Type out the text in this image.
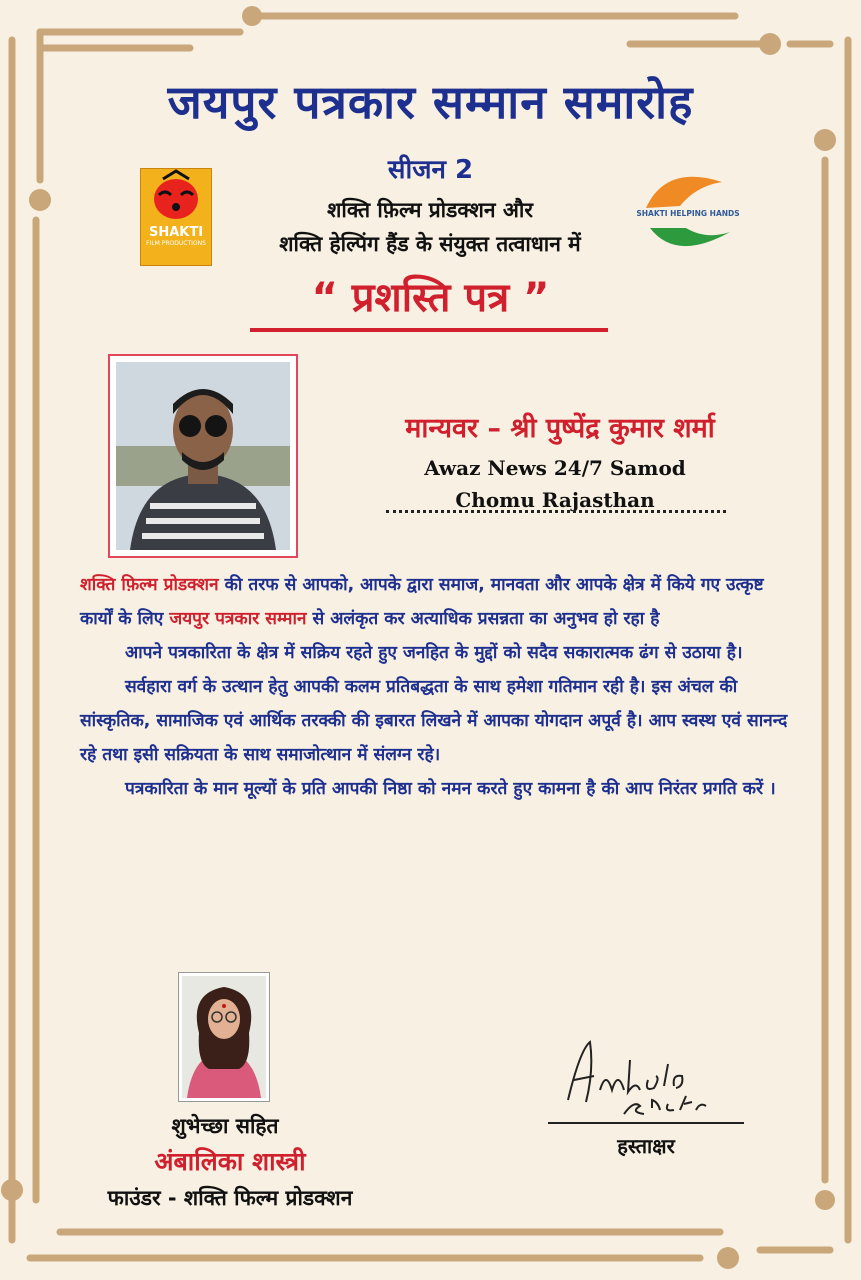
जयपुर पत्रकार सम्मान समारोह
सीजन 2
SHAKTI
FILM PRODUCTIONS
SHAKTI HELPING HANDS
शक्ति फ़िल्म प्रोडक्शन और
शक्ति हेल्पिंग हैंड के संयुक्त तत्वाधान में
“ प्रशस्ति पत्र ”
मान्यवर – श्री पुष्पेंद्र कुमार शर्मा
Awaz News 24/7 Samod
Chomu Rajasthan

शक्ति फ़िल्म प्रोडक्शन की तरफ से आपको, आपके द्वारा समाज, मानवता और आपके क्षेत्र में किये गए उत्कृष्ट कार्यों के लिए जयपुर पत्रकार सम्मान से अलंकृत कर अत्याधिक प्रसन्नता का अनुभव हो रहा है

आपने पत्रकारिता के क्षेत्र में सक्रिय रहते हुए जनहित के मुद्दों को सदैव सकारात्मक ढंग से उठाया है।

सर्वहारा वर्ग के उत्थान हेतु आपकी कलम प्रतिबद्धता के साथ हमेशा गतिमान रही है। इस अंचल की सांस्कृतिक, सामाजिक एवं आर्थिक तरक्की की इबारत लिखने में आपका योगदान अपूर्व है। आप स्वस्थ एवं सानन्द रहे तथा इसी सक्रियता के साथ समाजोत्थान में संलग्न रहे।

पत्रकारिता के मान मूल्यों के प्रति आपकी निष्ठा को नमन करते हुए कामना है की आप निरंतर प्रगति करें ।

शुभेच्छा सहित
अंबालिका शास्त्री
फाउंडर - शक्ति फिल्म प्रोडक्शन
हस्ताक्षर
